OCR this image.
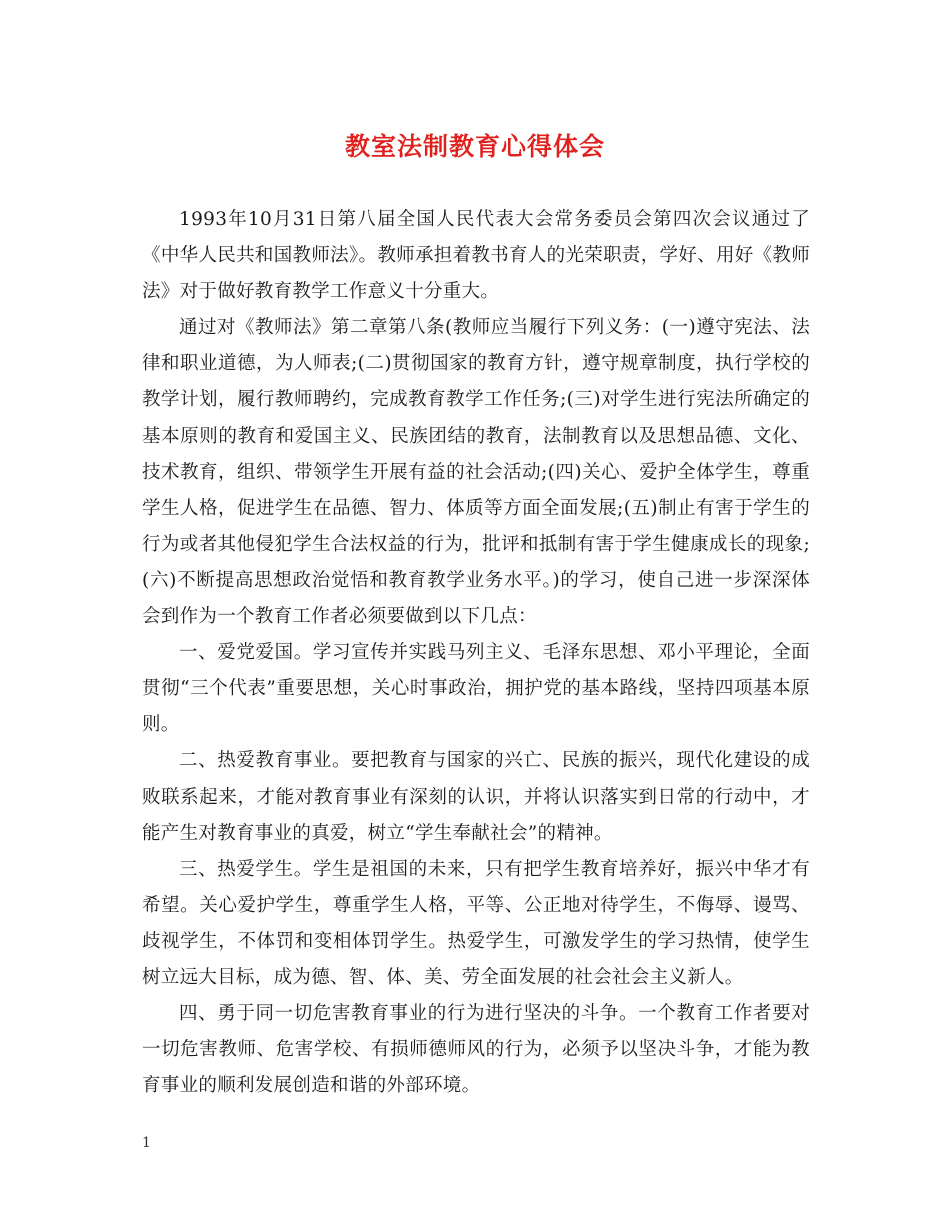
教室法制教育心得体会

1993年10月31日第八届全国人民代表大会常务委员会第四次会议通过了《中华人民共和国教师法》。教师承担着教书育人的光荣职责，学好、用好《教师法》对于做好教育教学工作意义十分重大。

通过对《教师法》第二章第八条(教师应当履行下列义务：(一)遵守宪法、法律和职业道德，为人师表;(二)贯彻国家的教育方针，遵守规章制度，执行学校的教学计划，履行教师聘约，完成教育教学工作任务;(三)对学生进行宪法所确定的基本原则的教育和爱国主义、民族团结的教育，法制教育以及思想品德、文化、技术教育，组织、带领学生开展有益的社会活动;(四)关心、爱护全体学生，尊重学生人格，促进学生在品德、智力、体质等方面全面发展;(五)制止有害于学生的行为或者其他侵犯学生合法权益的行为，批评和抵制有害于学生健康成长的现象;(六)不断提高思想政治觉悟和教育教学业务水平。)的学习，使自己进一步深深体会到作为一个教育工作者必须要做到以下几点：

一、爱党爱国。学习宣传并实践马列主义、毛泽东思想、邓小平理论，全面贯彻“三个代表”重要思想，关心时事政治，拥护党的基本路线，坚持四项基本原则。

二、热爱教育事业。要把教育与国家的兴亡、民族的振兴，现代化建设的成败联系起来，才能对教育事业有深刻的认识，并将认识落实到日常的行动中，才能产生对教育事业的真爱，树立“学生奉献社会”的精神。

三、热爱学生。学生是祖国的未来，只有把学生教育培养好，振兴中华才有希望。关心爱护学生，尊重学生人格，平等、公正地对待学生，不侮辱、谩骂、歧视学生，不体罚和变相体罚学生。热爱学生，可激发学生的学习热情，使学生树立远大目标，成为德、智、体、美、劳全面发展的社会社会主义新人。

四、勇于同一切危害教育事业的行为进行坚决的斗争。一个教育工作者要对一切危害教师、危害学校、有损师德师风的行为，必须予以坚决斗争，才能为教育事业的顺利发展创造和谐的外部环境。

1
